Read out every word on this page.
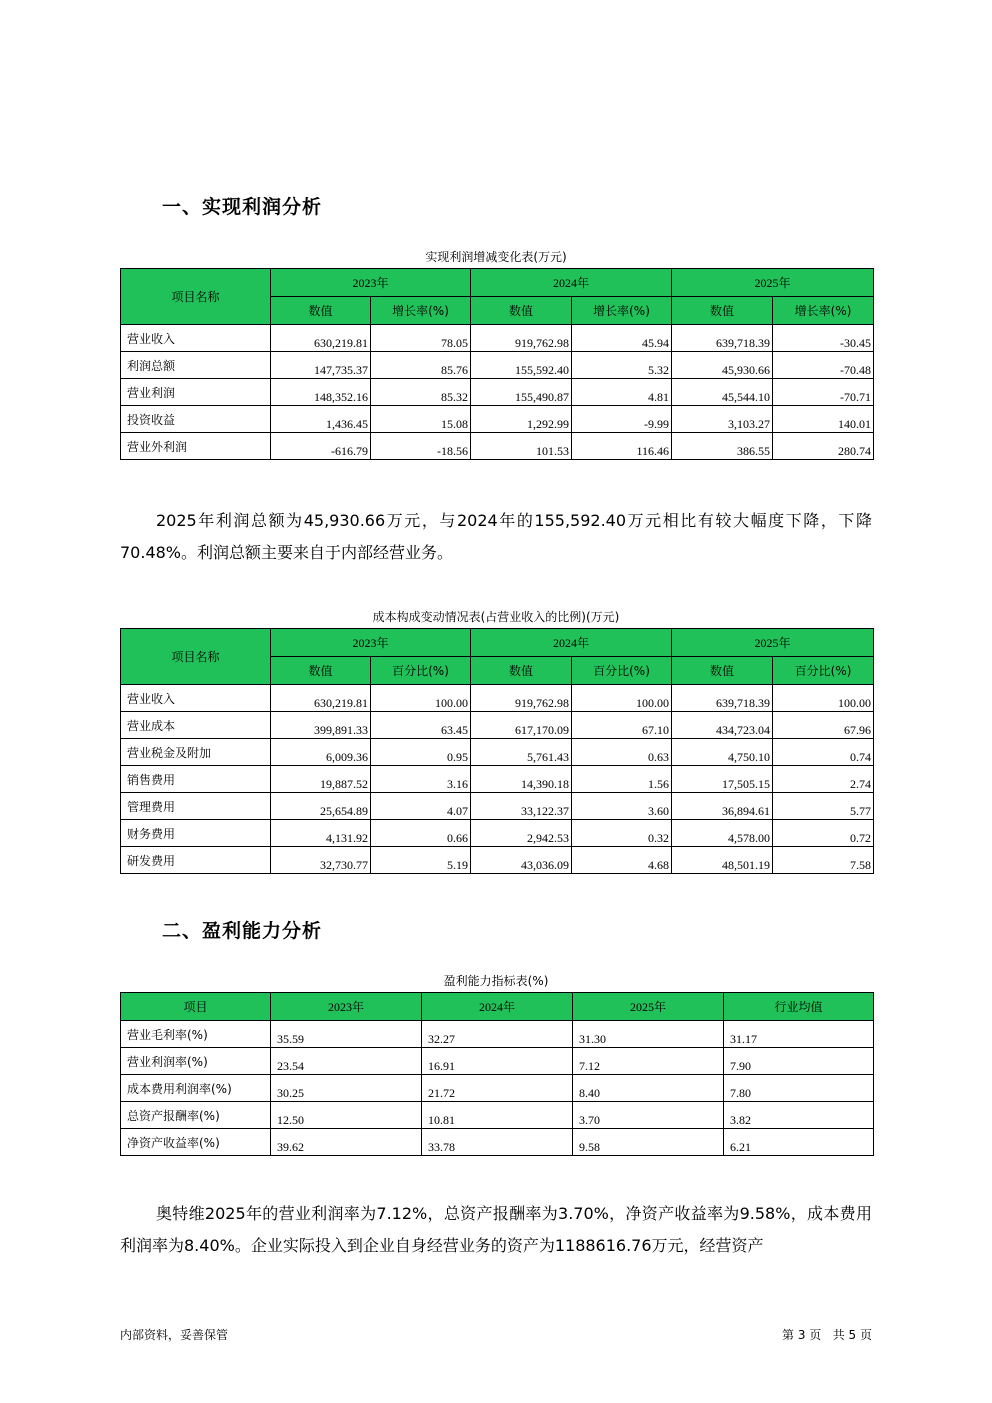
一、实现利润分析
实现利润增减变化表(万元)
项目名称	2023年		2024年		2025年	
	数值	增长率(%)	数值	增长率(%)	数值	增长率(%)
营业收入	630,219.81	78.05	919,762.98	45.94	639,718.39	-30.45
利润总额	147,735.37	85.76	155,592.40	5.32	45,930.66	-70.48
营业利润	148,352.16	85.32	155,490.87	4.81	45,544.10	-70.71
投资收益	1,436.45	15.08	1,292.99	-9.99	3,103.27	140.01
营业外利润	-616.79	-18.56	101.53	116.46	386.55	280.74
2025年利润总额为45,930.66万元，与2024年的155,592.40万元相比有较大幅度下降，下降70.48%。利润总额主要来自于内部经营业务。
成本构成变动情况表(占营业收入的比例)(万元)
项目名称	2023年		2024年		2025年	
	数值	百分比(%)	数值	百分比(%)	数值	百分比(%)
营业收入	630,219.81	100.00	919,762.98	100.00	639,718.39	100.00
营业成本	399,891.33	63.45	617,170.09	67.10	434,723.04	67.96
营业税金及附加	6,009.36	0.95	5,761.43	0.63	4,750.10	0.74
销售费用	19,887.52	3.16	14,390.18	1.56	17,505.15	2.74
管理费用	25,654.89	4.07	33,122.37	3.60	36,894.61	5.77
财务费用	4,131.92	0.66	2,942.53	0.32	4,578.00	0.72
研发费用	32,730.77	5.19	43,036.09	4.68	48,501.19	7.58
二、盈利能力分析
盈利能力指标表(%)
项目	2023年	2024年	2025年	行业均值
营业毛利率(%)	35.59	32.27	31.30	31.17
营业利润率(%)	23.54	16.91	7.12	7.90
成本费用利润率(%)	30.25	21.72	8.40	7.80
总资产报酬率(%)	12.50	10.81	3.70	3.82
净资产收益率(%)	39.62	33.78	9.58	6.21
奥特维2025年的营业利润率为7.12%，总资产报酬率为3.70%，净资产收益率为9.58%，成本费用利润率为8.40%。企业实际投入到企业自身经营业务的资产为1188616.76万元，经营资产
内部资料，妥善保管	第 3 页   共 5 页
